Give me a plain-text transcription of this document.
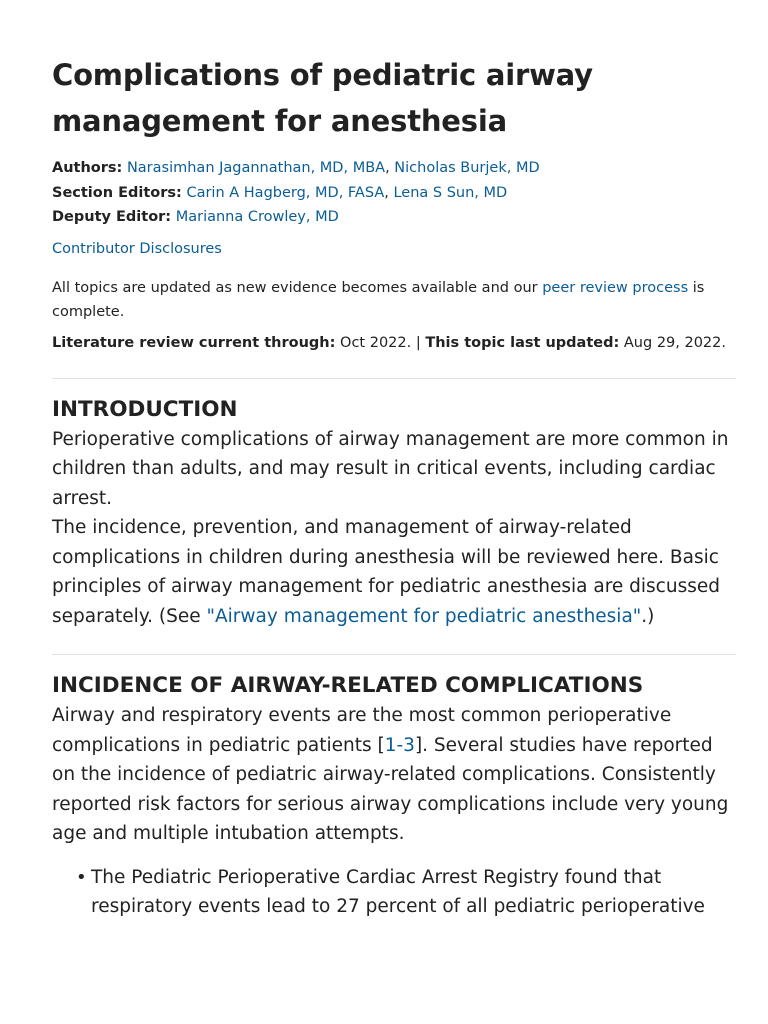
Complications of pediatric airway
management for anesthesia
Authors: Narasimhan Jagannathan, MD, MBA, Nicholas Burjek, MD
Section Editors: Carin A Hagberg, MD, FASA, Lena S Sun, MD
Deputy Editor: Marianna Crowley, MD
Contributor Disclosures
All topics are updated as new evidence becomes available and our peer review process is complete.
Literature review current through: Oct 2022. | This topic last updated: Aug 29, 2022.
INTRODUCTION

Perioperative complications of airway management are more common in children than adults, and may result in critical events, including cardiac arrest.

The incidence, prevention, and management of airway-related complications in children during anesthesia will be reviewed here. Basic principles of airway management for pediatric anesthesia are discussed separately. (See "Airway management for pediatric anesthesia".)

INCIDENCE OF AIRWAY-RELATED COMPLICATIONS

Airway and respiratory events are the most common perioperative complications in pediatric patients [1-3]. Several studies have reported on the incidence of pediatric airway-related complications. Consistently reported risk factors for serious airway complications include very young age and multiple intubation attempts.

• The Pediatric Perioperative Cardiac Arrest Registry found that respiratory events lead to 27 percent of all pediatric perioperative
